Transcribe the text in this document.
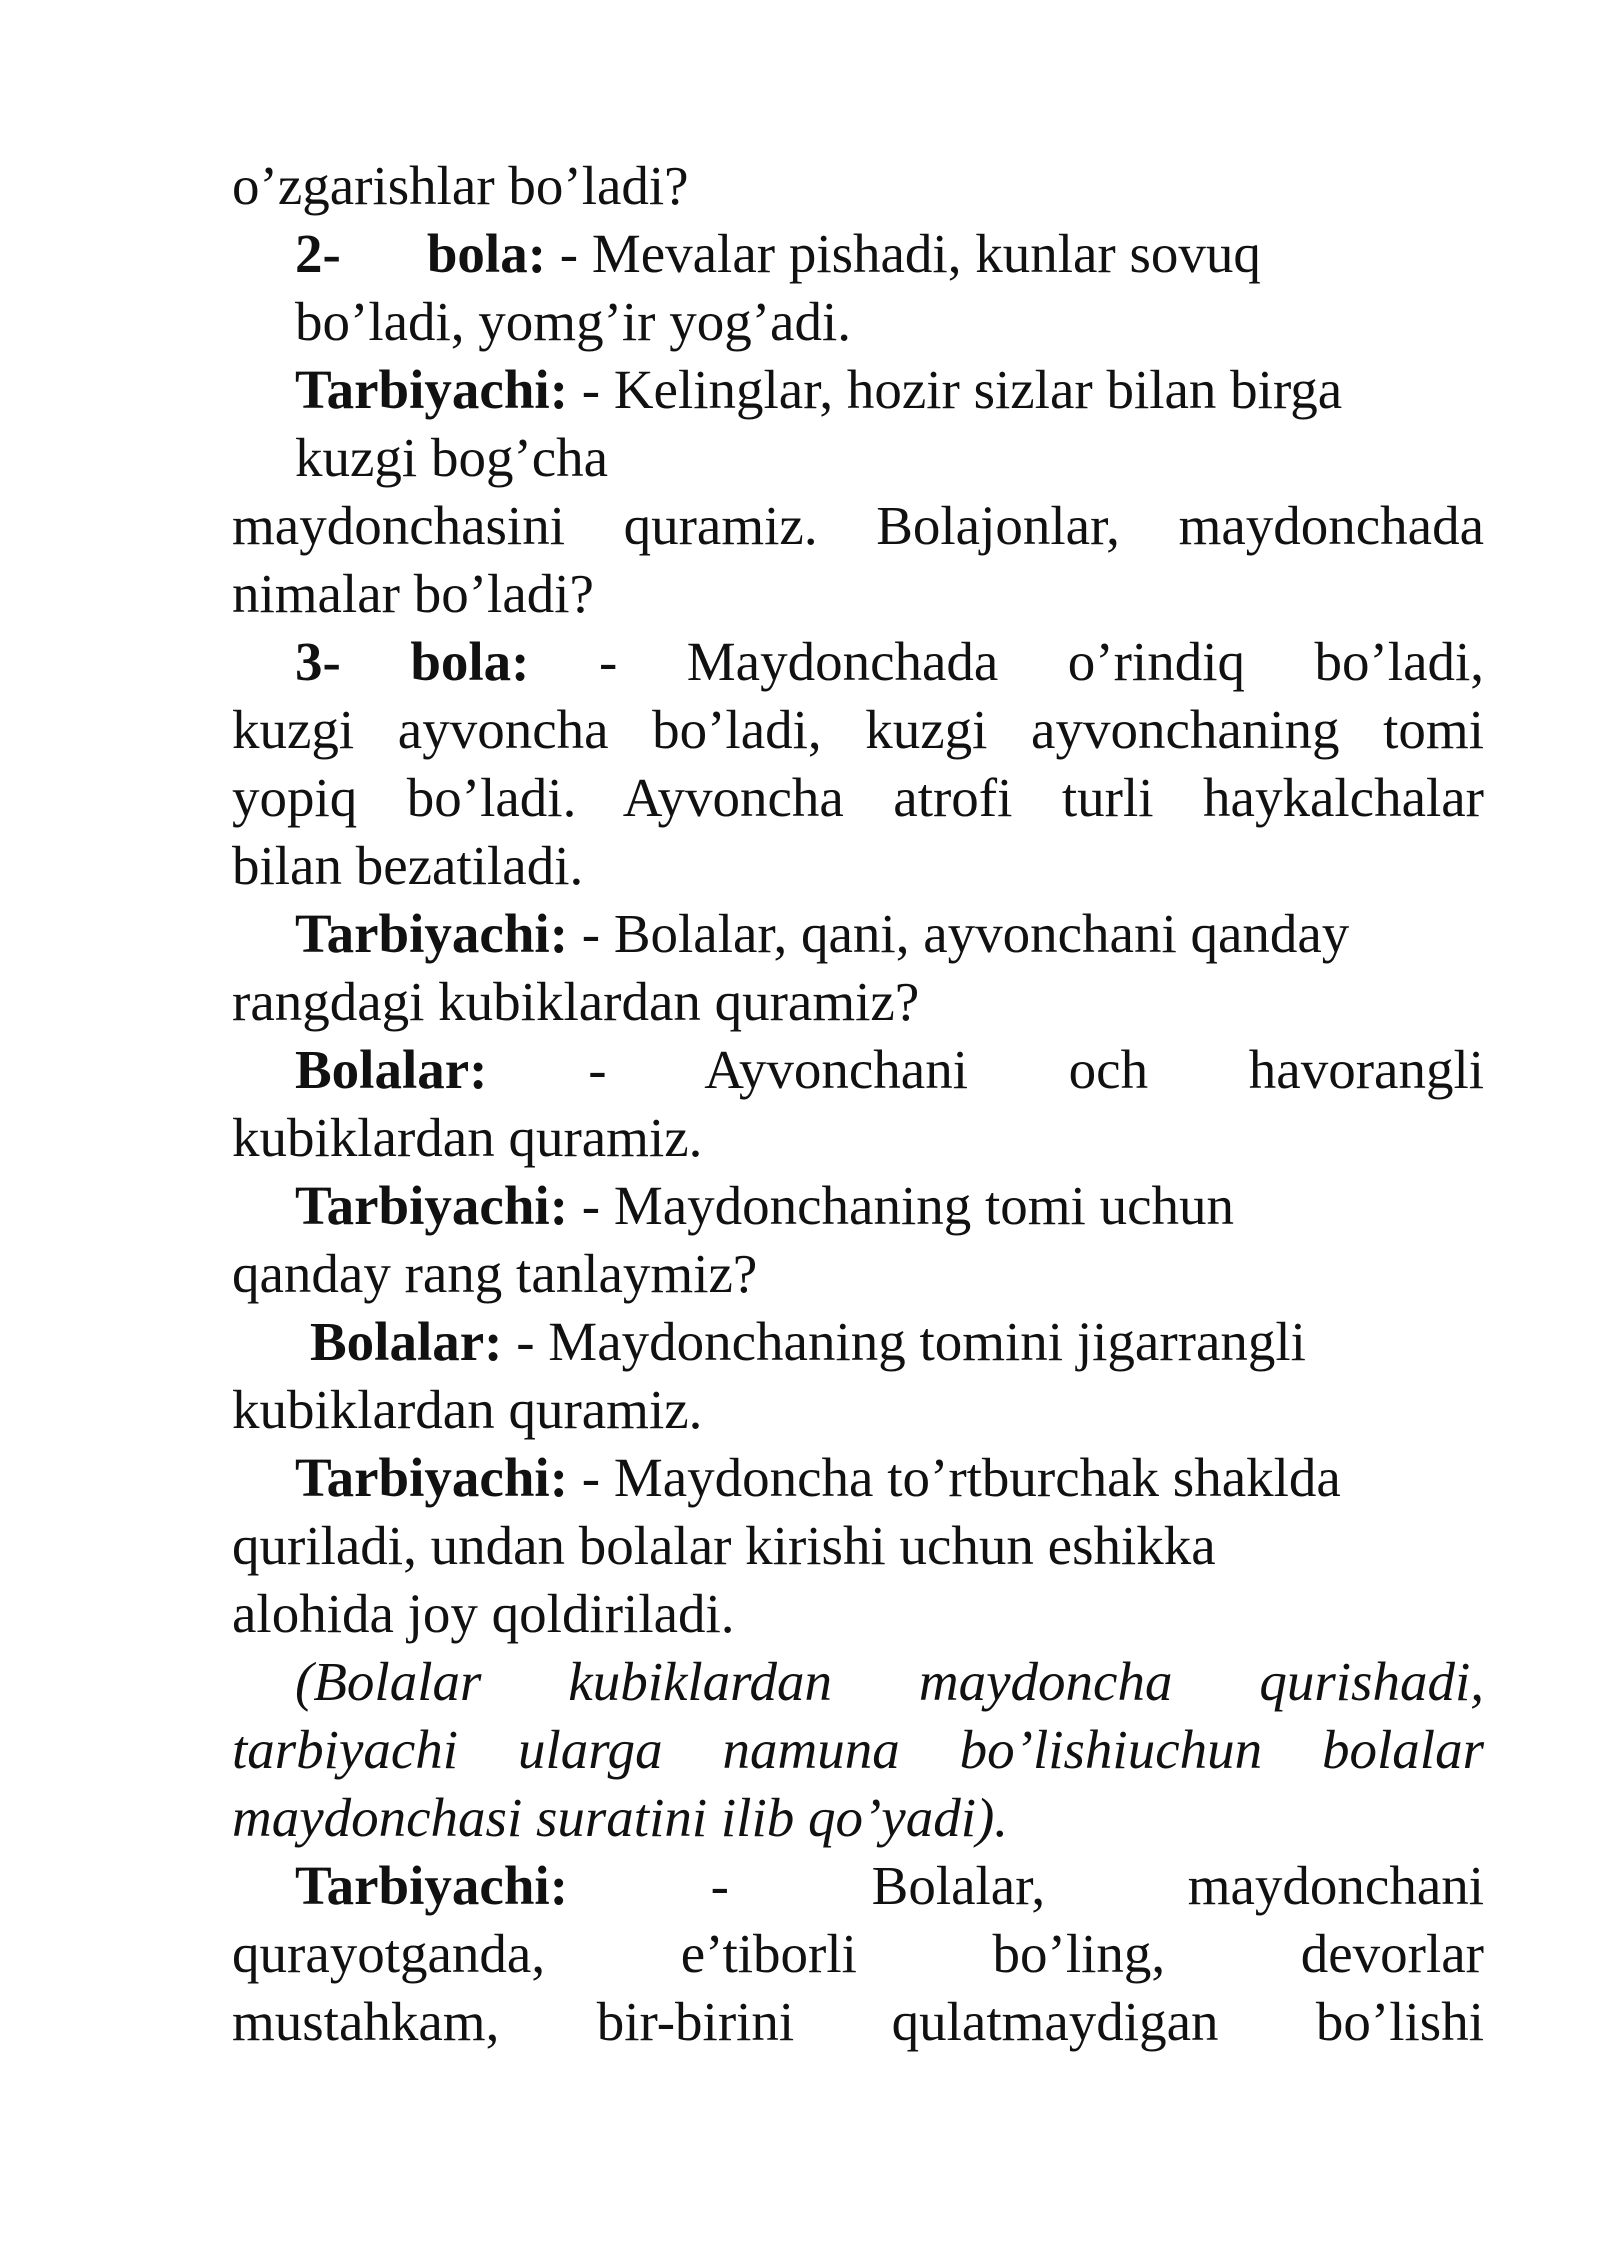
o’zgarishlar bo’ladi?
2- bola: - Mevalar pishadi, kunlar sovuq
bo’ladi, yomg’ir yog’adi.
Tarbiyachi: - Kelinglar, hozir sizlar bilan birga
kuzgi bog’cha
maydonchasini quramiz. Bolajonlar, maydonchada
nimalar bo’ladi?
3- bola: - Maydonchada o’rindiq bo’ladi,
kuzgi ayvoncha bo’ladi, kuzgi ayvonchaning tomi
yopiq bo’ladi. Ayvoncha atrofi turli haykalchalar
bilan bezatiladi.
Tarbiyachi: - Bolalar, qani, ayvonchani qanday
rangdagi kubiklardan quramiz?
Bolalar: - Ayvonchani och havorangli
kubiklardan quramiz.
Tarbiyachi: - Maydonchaning tomi uchun
qanday rang tanlaymiz?
Bolalar: - Maydonchaning tomini jigarrangli
kubiklardan quramiz.
Tarbiyachi: - Maydoncha to’rtburchak shaklda
quriladi, undan bolalar kirishi uchun eshikka
alohida joy qoldiriladi.
(Bolalar kubiklardan maydoncha qurishadi,
tarbiyachi ularga namuna bo’lishiuchun bolalar
maydonchasi suratini ilib qo’yadi).
Tarbiyachi:	- Bolalar, maydonchani
qurayotganda, e’tiborli bo’ling, devorlar
mustahkam, bir-birini qulatmaydigan bo’lishi
